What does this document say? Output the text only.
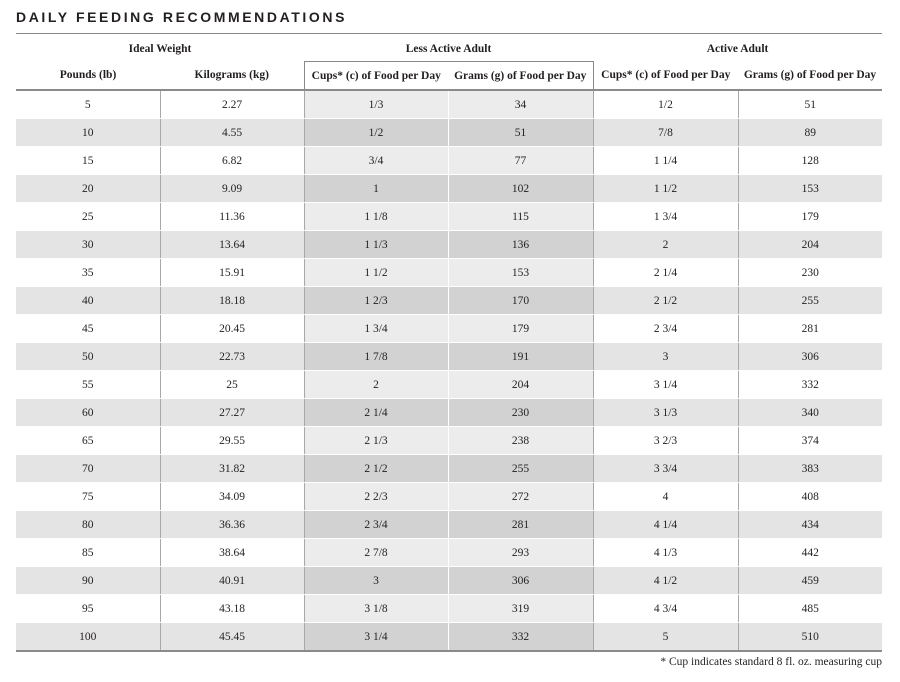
DAILY FEEDING RECOMMENDATIONS
Ideal Weight		Less Active Adult		Active Adult	
Pounds (lb)	Kilograms (kg)	Cups* (c) of Food per Day	Grams (g) of Food per Day	Cups* (c) of Food per Day	Grams (g) of Food per Day
5	2.27	1/3	34	1/2	51
10	4.55	1/2	51	7/8	89
15	6.82	3/4	77	1 1/4	128
20	9.09	1	102	1 1/2	153
25	11.36	1 1/8	115	1 3/4	179
30	13.64	1 1/3	136	2	204
35	15.91	1 1/2	153	2 1/4	230
40	18.18	1 2/3	170	2 1/2	255
45	20.45	1 3/4	179	2 3/4	281
50	22.73	1 7/8	191	3	306
55	25	2	204	3 1/4	332
60	27.27	2 1/4	230	3 1/3	340
65	29.55	2 1/3	238	3 2/3	374
70	31.82	2 1/2	255	3 3/4	383
75	34.09	2 2/3	272	4	408
80	36.36	2 3/4	281	4 1/4	434
85	38.64	2 7/8	293	4 1/3	442
90	40.91	3	306	4 1/2	459
95	43.18	3 1/8	319	4 3/4	485
100	45.45	3 1/4	332	5	510
* Cup indicates standard 8 fl. oz. measuring cup
